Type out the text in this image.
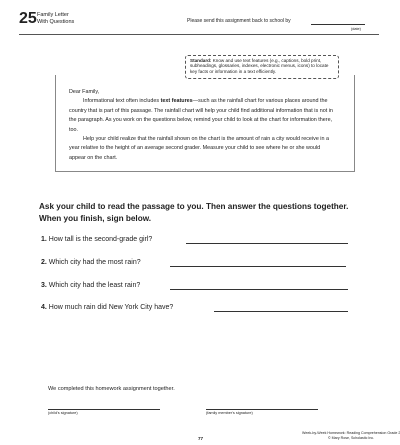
25 Family Letter With Questions	Please send this assignment back to school by
(date)
Standard: Know and use text features (e.g., captions, bold print, subheadings, glossaries, indexes, electronic menus, icons) to locate key facts or information in a text efficiently.

Dear Family,

Informational text often includes text features—such as the rainfall chart for various places around the country that is part of this passage. The rainfall chart will help your child find additional information that is not in the paragraph. As you work on the questions below, remind your child to look at the chart for information there, too.

Help your child realize that the rainfall shown on the chart is the amount of rain a city would receive in a year relative to the height of an average second grader. Measure your child to see where he or she would appear on the chart.

Ask your child to read the passage to you. Then answer the questions together. When you finish, sign below.
1. How tall is the second-grade girl?
2. Which city had the most rain?
3. Which city had the least rain?
4. How much rain did New York City have?
We completed this homework assignment together.
(child's signature)	(family member's signature)
77
Week-by-Week Homework: Reading Comprehension Grade 2
© Mary Rose, Scholastic Inc.
